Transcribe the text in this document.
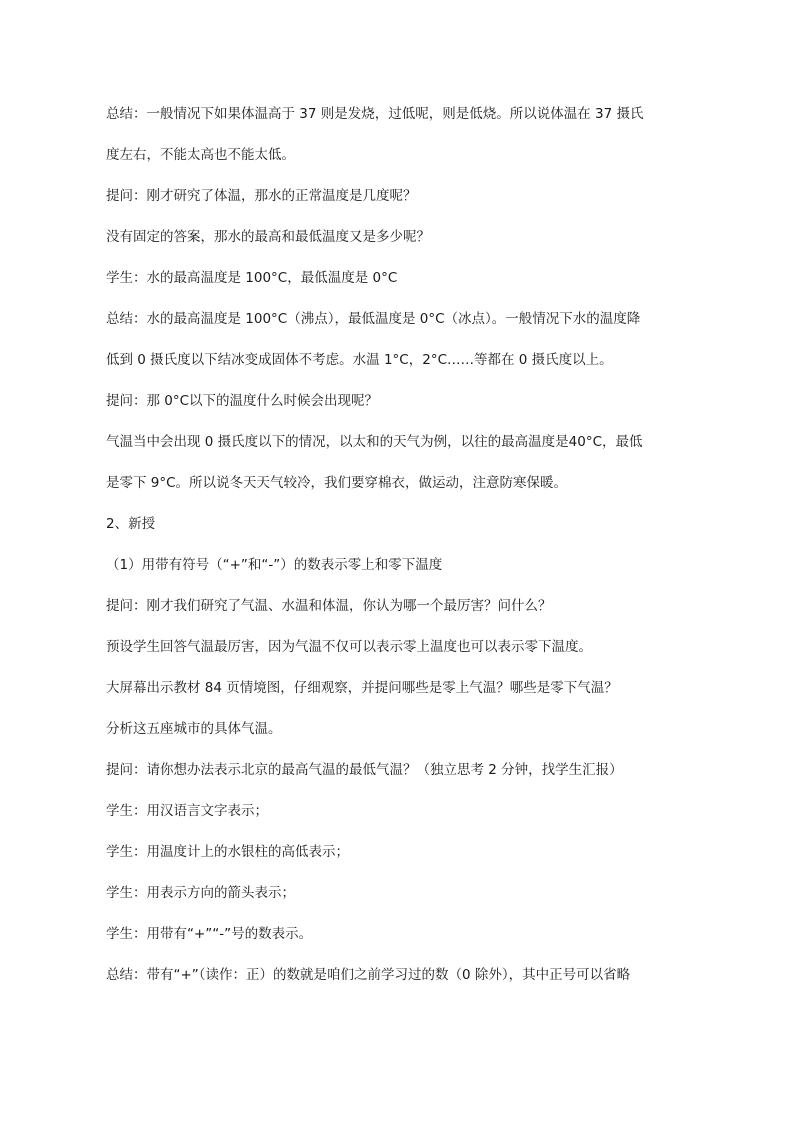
总结：一般情况下如果体温高于 37 则是发烧，过低呢，则是低烧。所以说体温在 37 摄氏

度左右，不能太高也不能太低。

提问：刚才研究了体温，那水的正常温度是几度呢？

没有固定的答案，那水的最高和最低温度又是多少呢？

学生：水的最高温度是 100°C，最低温度是 0°C

总结：水的最高温度是 100°C（沸点），最低温度是 0°C（冰点）。一般情况下水的温度降

低到 0 摄氏度以下结冰变成固体不考虑。水温 1°C，2°C……等都在 0 摄氏度以上。

提问：那 0°C以下的温度什么时候会出现呢？

气温当中会出现 0 摄氏度以下的情况，以太和的天气为例，以往的最高温度是40°C，最低

是零下 9°C。所以说冬天天气较冷，我们要穿棉衣，做运动，注意防寒保暖。

2、新授

（1）用带有符号（“+”和“-”）的数表示零上和零下温度

提问：刚才我们研究了气温、水温和体温，你认为哪一个最厉害？问什么？

预设学生回答气温最厉害，因为气温不仅可以表示零上温度也可以表示零下温度。

大屏幕出示教材 84 页情境图，仔细观察，并提问哪些是零上气温？哪些是零下气温？

分析这五座城市的具体气温。

提问：请你想办法表示北京的最高气温的最低气温？（独立思考 2 分钟，找学生汇报）

学生：用汉语言文字表示；

学生：用温度计上的水银柱的高低表示；

学生：用表示方向的箭头表示；

学生：用带有“+”“-”号的数表示。

总结：带有“+”（读作：正）的数就是咱们之前学习过的数（0 除外），其中正号可以省略
